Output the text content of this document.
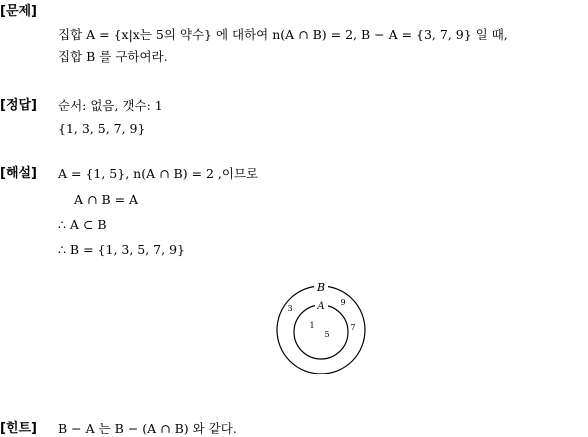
[문제]
집합 A = {x|x는 5의 약수} 에 대하여 n(A ∩ B) = 2, B − A = {3, 7, 9} 일 때,
집합 B 를 구하여라.
[정답] 순서: 없음, 갯수: 1
{1, 3, 5, 7, 9}
[해설] A = {1, 5}, n(A ∩ B) = 2 ,이므로
A ∩ B = A
∴ A ⊂ B
∴ B = {1, 3, 5, 7, 9}
B
A
1
5
3
9
7
[힌트] B − A 는 B − (A ∩ B) 와 같다.
